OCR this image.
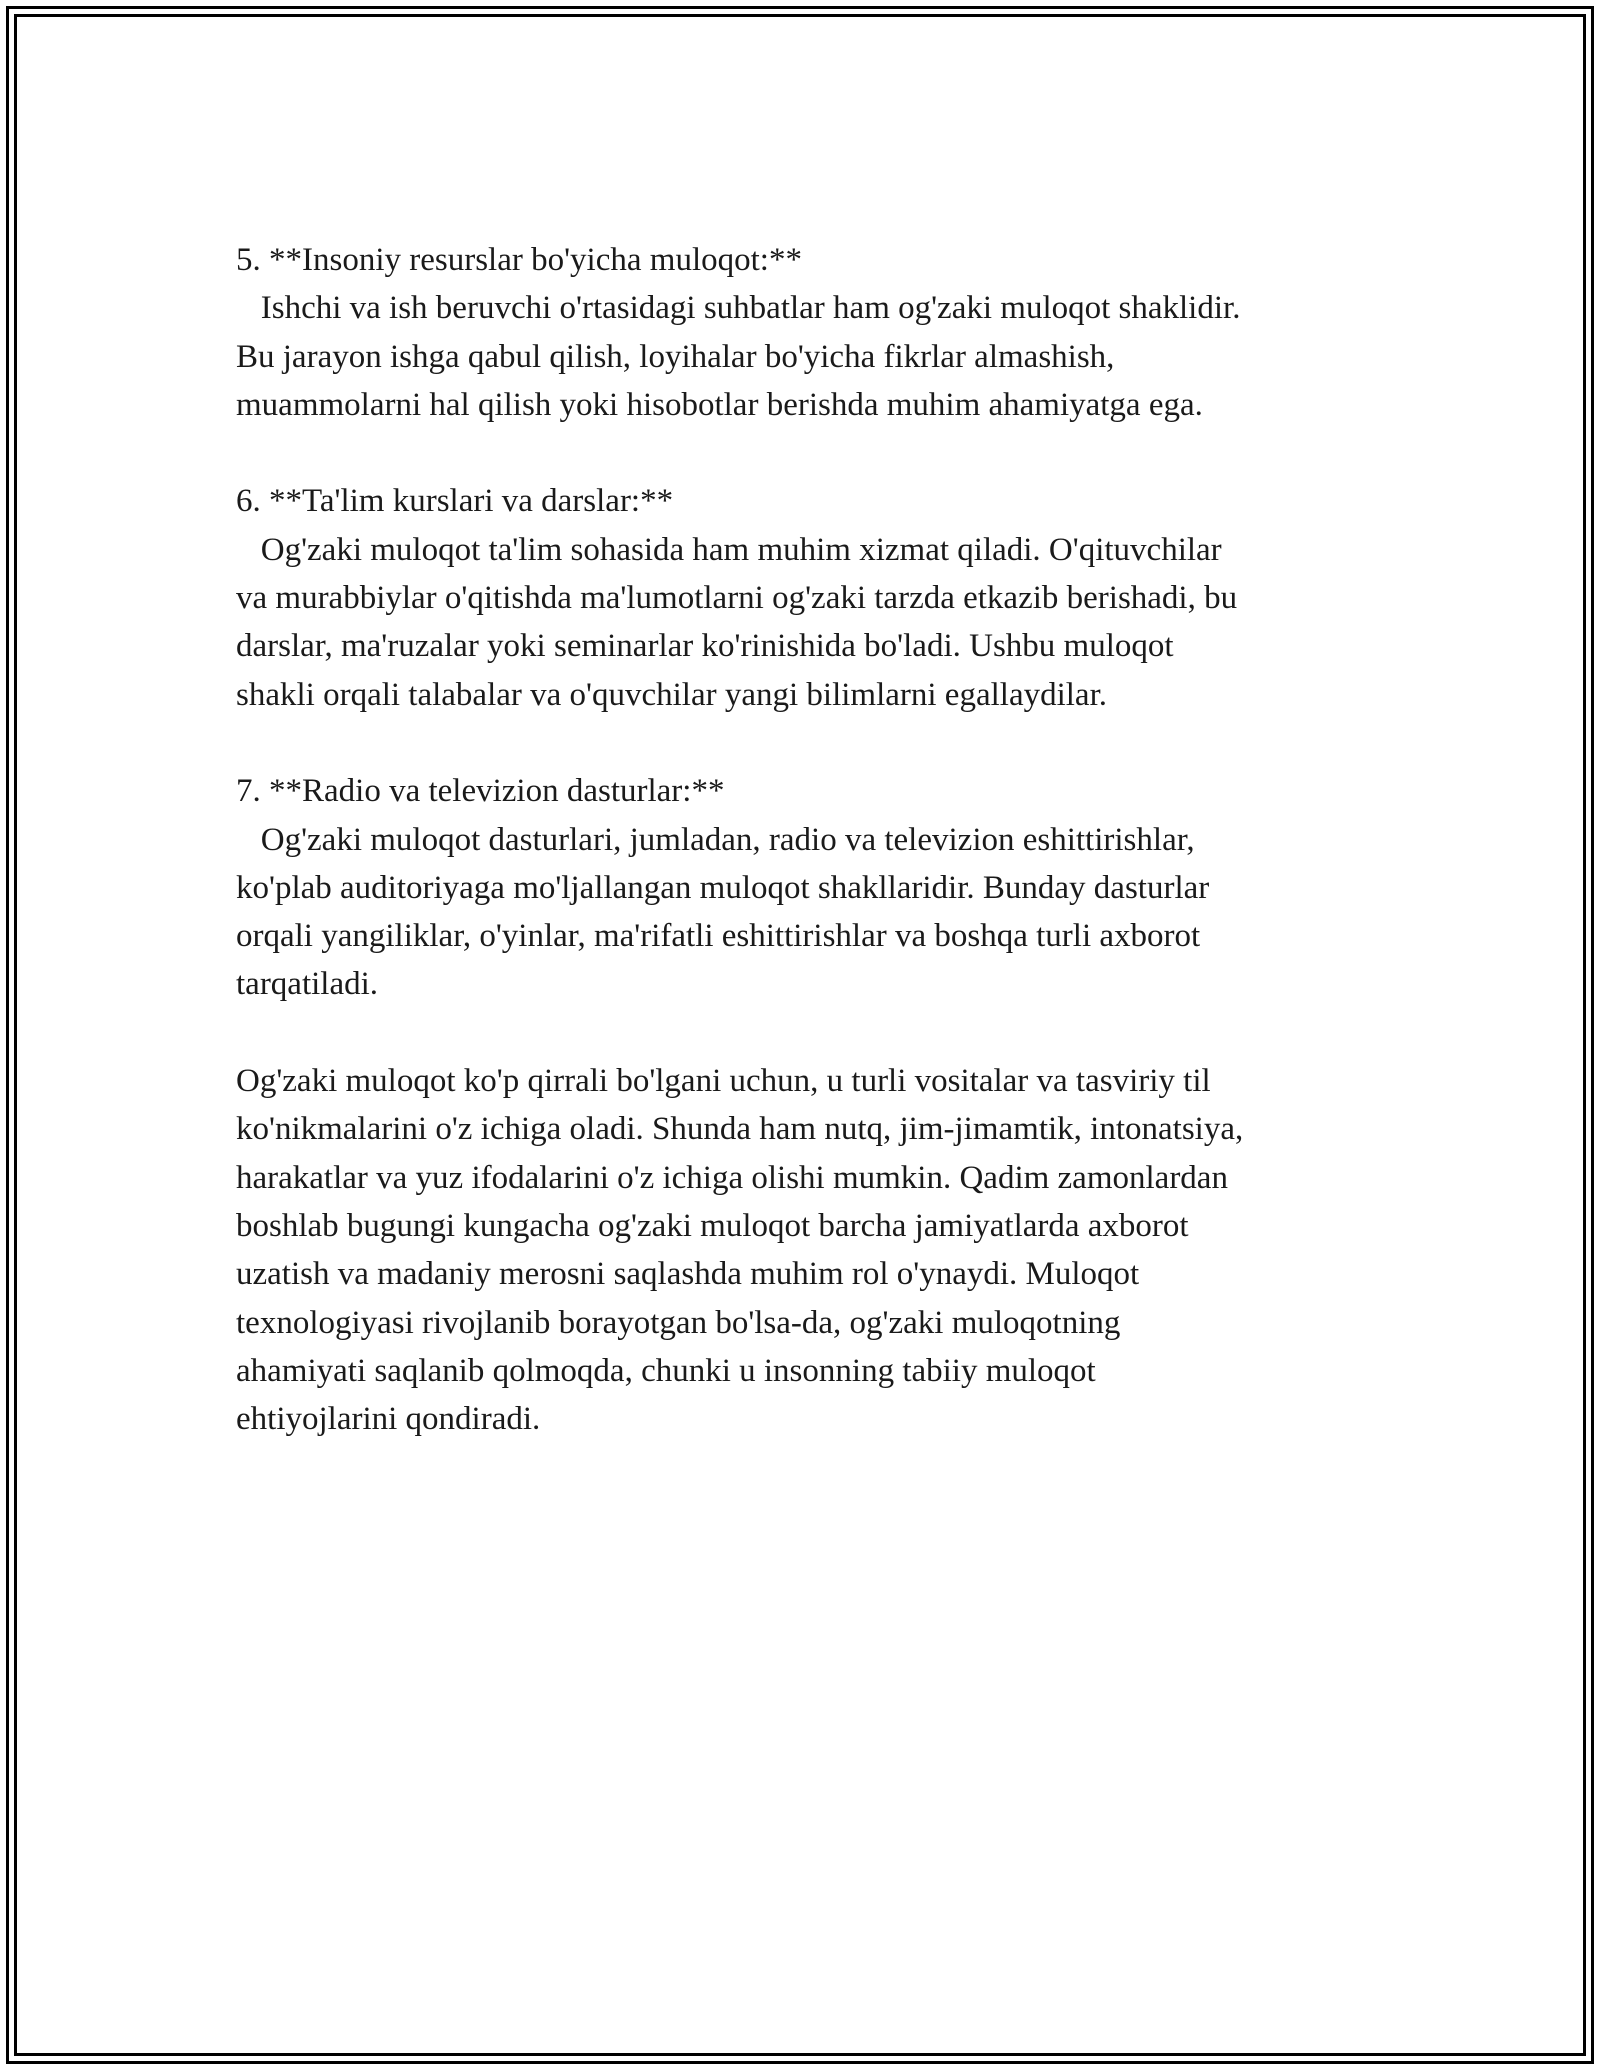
5. **Insoniy resurslar bo'yicha muloqot:**
Ishchi va ish beruvchi o'rtasidagi suhbatlar ham og'zaki muloqot shaklidir.
Bu jarayon ishga qabul qilish, loyihalar bo'yicha fikrlar almashish,
muammolarni hal qilish yoki hisobotlar berishda muhim ahamiyatga ega.
6. **Ta'lim kurslari va darslar:**
Og'zaki muloqot ta'lim sohasida ham muhim xizmat qiladi. O'qituvchilar
va murabbiylar o'qitishda ma'lumotlarni og'zaki tarzda etkazib berishadi, bu
darslar, ma'ruzalar yoki seminarlar ko'rinishida bo'ladi. Ushbu muloqot
shakli orqali talabalar va o'quvchilar yangi bilimlarni egallaydilar.
7. **Radio va televizion dasturlar:**
Og'zaki muloqot dasturlari, jumladan, radio va televizion eshittirishlar,
ko'plab auditoriyaga mo'ljallangan muloqot shakllaridir. Bunday dasturlar
orqali yangiliklar, o'yinlar, ma'rifatli eshittirishlar va boshqa turli axborot
tarqatiladi.
Og'zaki muloqot ko'p qirrali bo'lgani uchun, u turli vositalar va tasviriy til
ko'nikmalarini o'z ichiga oladi. Shunda ham nutq, jim-jimamtik, intonatsiya,
harakatlar va yuz ifodalarini o'z ichiga olishi mumkin. Qadim zamonlardan
boshlab bugungi kungacha og'zaki muloqot barcha jamiyatlarda axborot
uzatish va madaniy merosni saqlashda muhim rol o'ynaydi. Muloqot
texnologiyasi rivojlanib borayotgan bo'lsa-da, og'zaki muloqotning
ahamiyati saqlanib qolmoqda, chunki u insonning tabiiy muloqot
ehtiyojlarini qondiradi.
